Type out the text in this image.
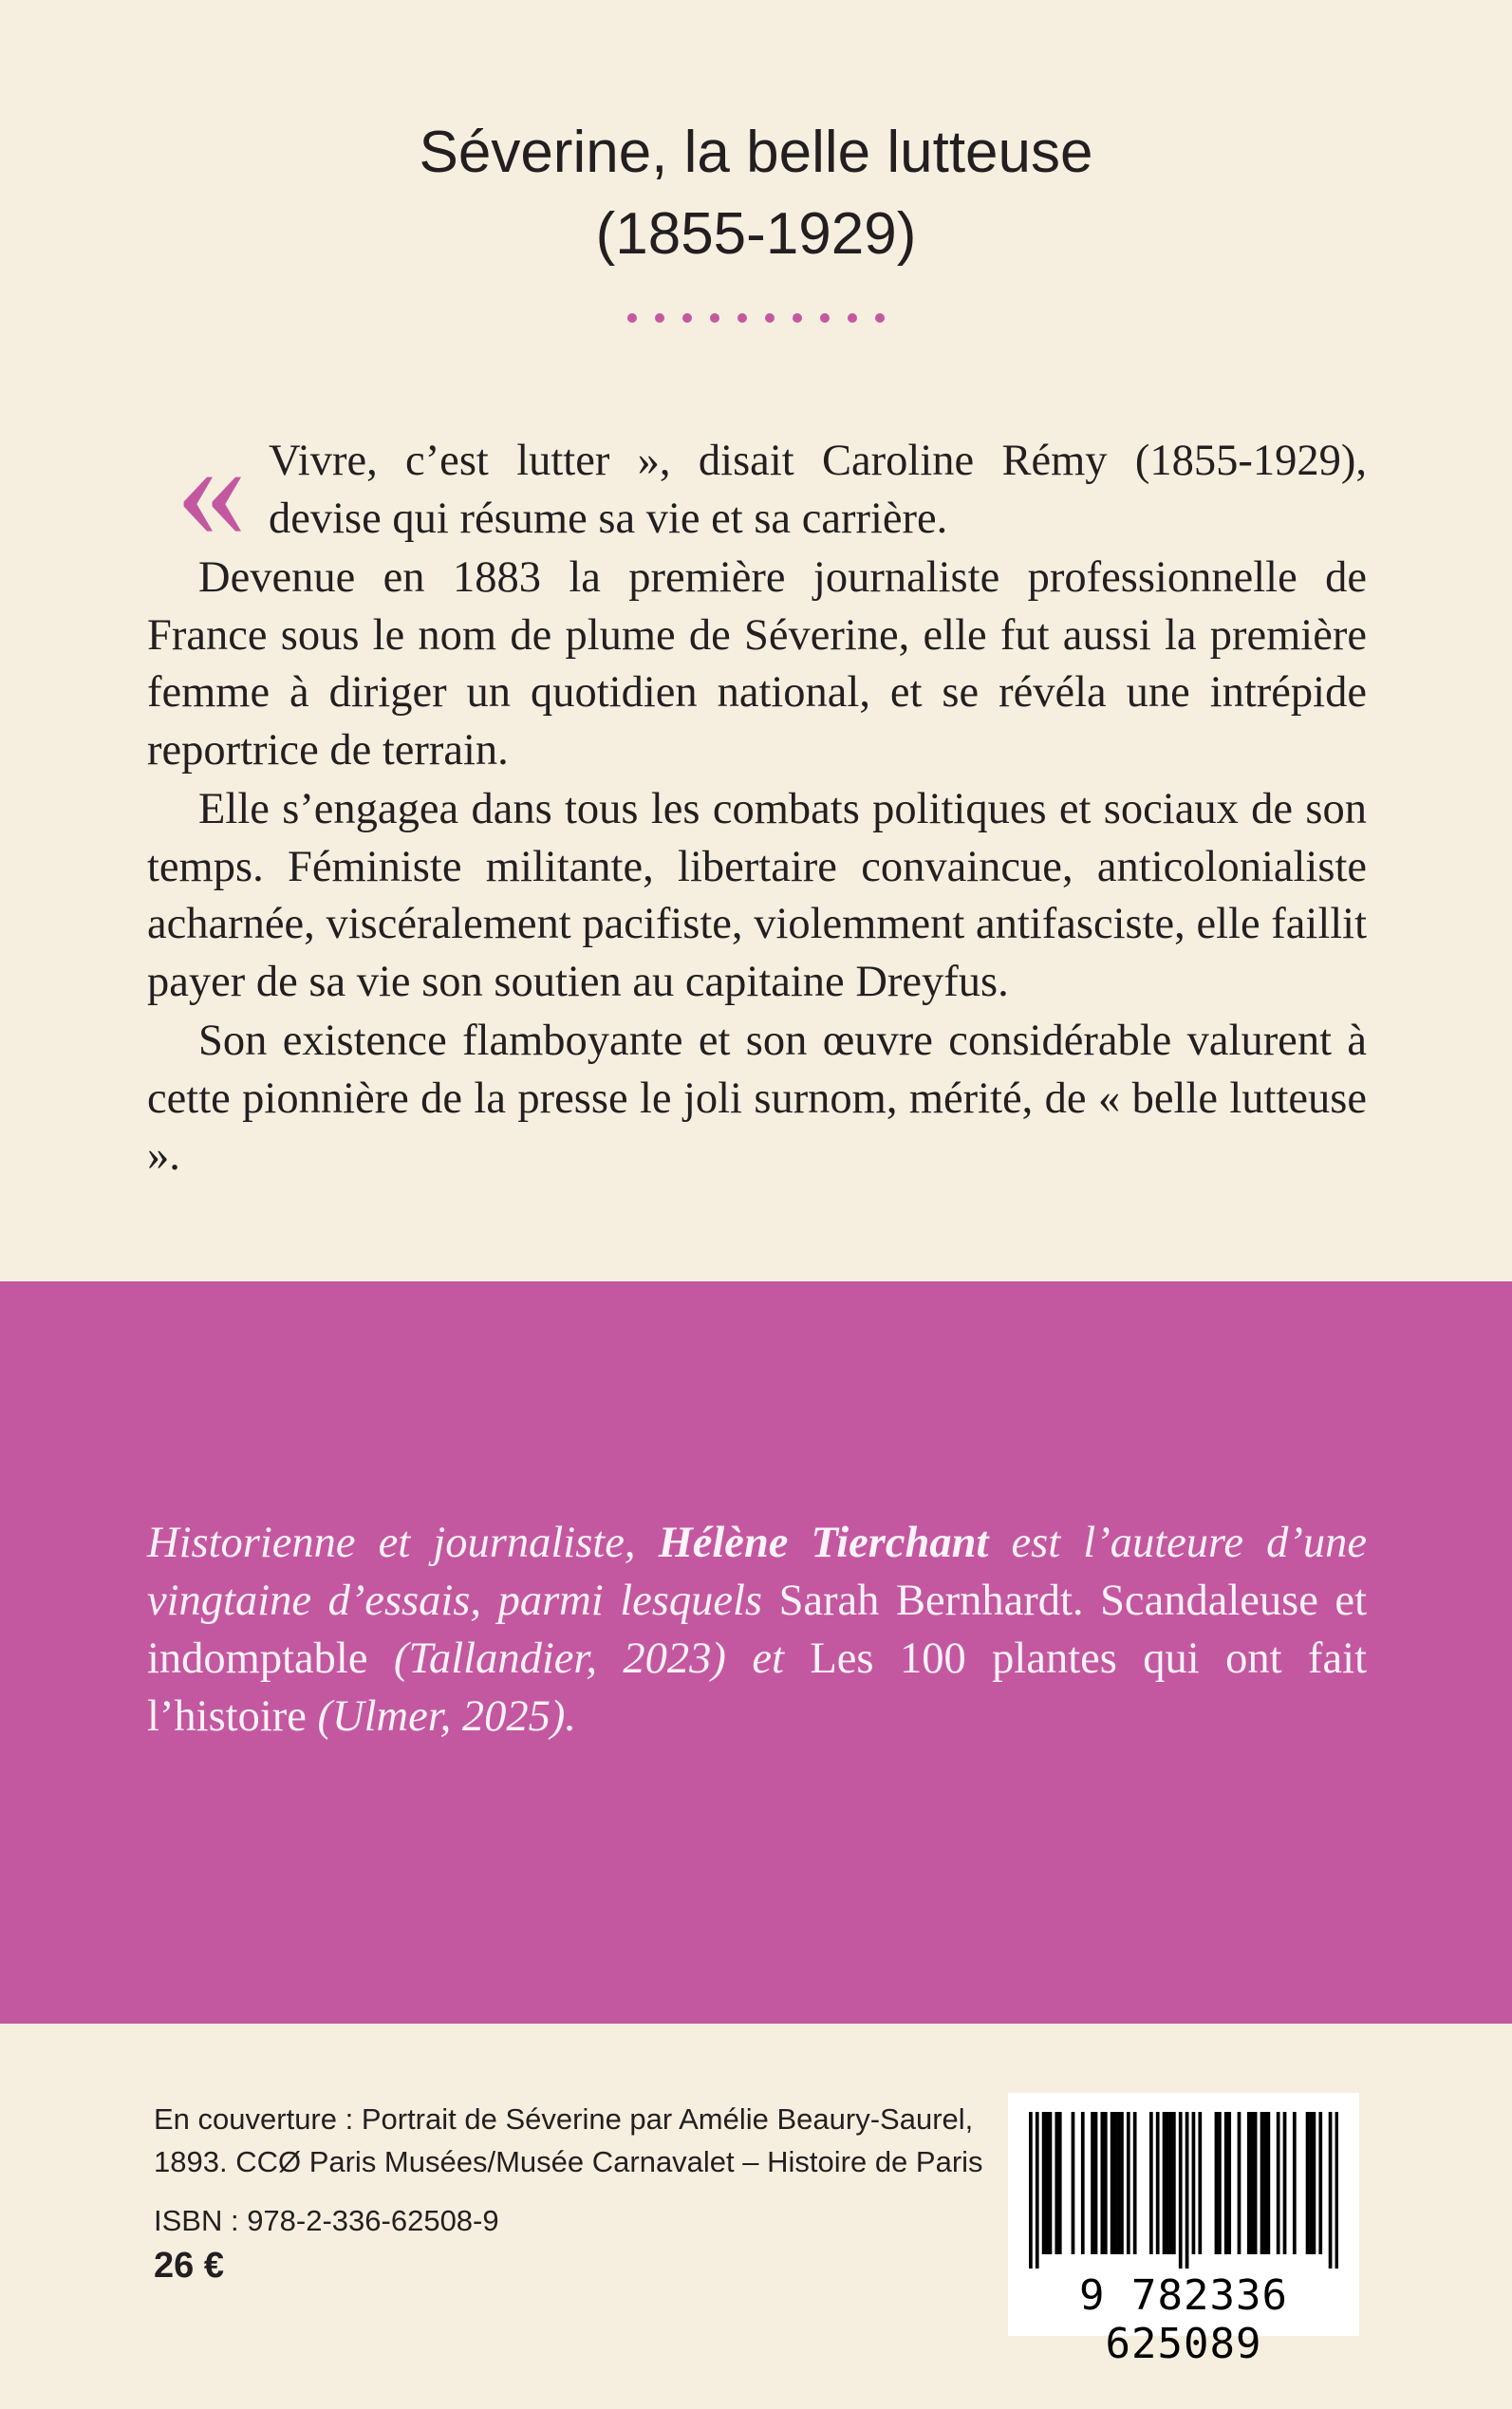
Séverine, la belle lutteuse
(1855-1929)

« Vivre, c’est lutter », disait Caroline Rémy (1855-1929), devise qui résume sa vie et sa carrière.

Devenue en 1883 la première journaliste professionnelle de France sous le nom de plume de Séverine, elle fut aussi la première femme à diriger un quotidien national, et se révéla une intrépide reportrice de terrain.

Elle s’engagea dans tous les combats politiques et sociaux de son temps. Féministe militante, libertaire convaincue, anticolonialiste acharnée, viscéralement pacifiste, violemment antifasciste, elle faillit payer de sa vie son soutien au capitaine Dreyfus.

Son existence flamboyante et son œuvre considérable valurent à cette pionnière de la presse le joli surnom, mérité, de « belle lutteuse ».

Historienne et journaliste, Hélène Tierchant est l’auteure d’une vingtaine d’essais, parmi lesquels Sarah Bernhardt. Scandaleuse et indomptable (Tallandier, 2023) et Les 100 plantes qui ont fait l’histoire (Ulmer, 2025).
En couverture : Portrait de Séverine par Amélie Beaury-Saurel, 1893. CCØ Paris Musées/Musée Carnavalet – Histoire de Paris
ISBN : 978-2-336-62508-9
26 €
9 782336 625089
